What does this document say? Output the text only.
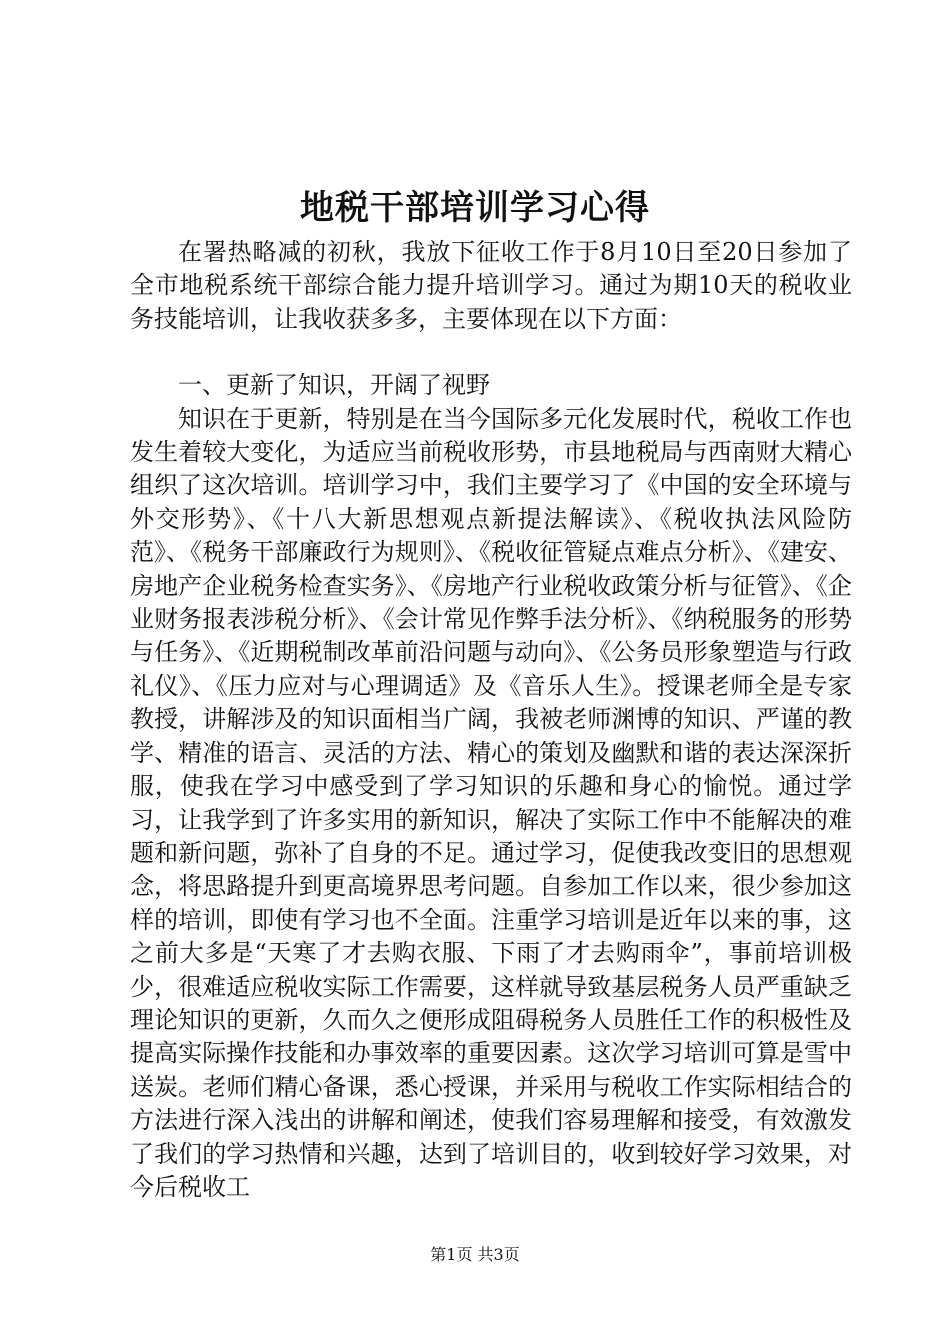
地税干部培训学习心得

在署热略减的初秋，我放下征收工作于8月10日至20日参加了全市地税系统干部综合能力提升培训学习。通过为期10天的税收业务技能培训，让我收获多多，主要体现在以下方面：

一、更新了知识，开阔了视野

知识在于更新，特别是在当今国际多元化发展时代，税收工作也发生着较大变化，为适应当前税收形势，市县地税局与西南财大精心组织了这次培训。培训学习中，我们主要学习了《中国的安全环境与外交形势》、《十八大新思想观点新提法解读》、《税收执法风险防范》、《税务干部廉政行为规则》、《税收征管疑点难点分析》、《建安、房地产企业税务检查实务》、《房地产行业税收政策分析与征管》、《企业财务报表涉税分析》、《会计常见作弊手法分析》、《纳税服务的形势与任务》、《近期税制改革前沿问题与动向》、《公务员形象塑造与行政礼仪》、《压力应对与心理调适》及《音乐人生》。授课老师全是专家教授，讲解涉及的知识面相当广阔，我被老师渊博的知识、严谨的教学、精准的语言、灵活的方法、精心的策划及幽默和谐的表达深深折服，使我在学习中感受到了学习知识的乐趣和身心的愉悦。通过学习，让我学到了许多实用的新知识，解决了实际工作中不能解决的难题和新问题，弥补了自身的不足。通过学习，促使我改变旧的思想观念，将思路提升到更高境界思考问题。自参加工作以来，很少参加这样的培训，即使有学习也不全面。注重学习培训是近年以来的事，这之前大多是“天寒了才去购衣服、下雨了才去购雨伞”，事前培训极少，很难适应税收实际工作需要，这样就导致基层税务人员严重缺乏理论知识的更新，久而久之便形成阻碍税务人员胜任工作的积极性及提高实际操作技能和办事效率的重要因素。这次学习培训可算是雪中送炭。老师们精心备课，悉心授课，并采用与税收工作实际相结合的方法进行深入浅出的讲解和阐述，使我们容易理解和接受，有效激发了我们的学习热情和兴趣，达到了培训目的，收到较好学习效果，对今后税收工

第1页 共3页
